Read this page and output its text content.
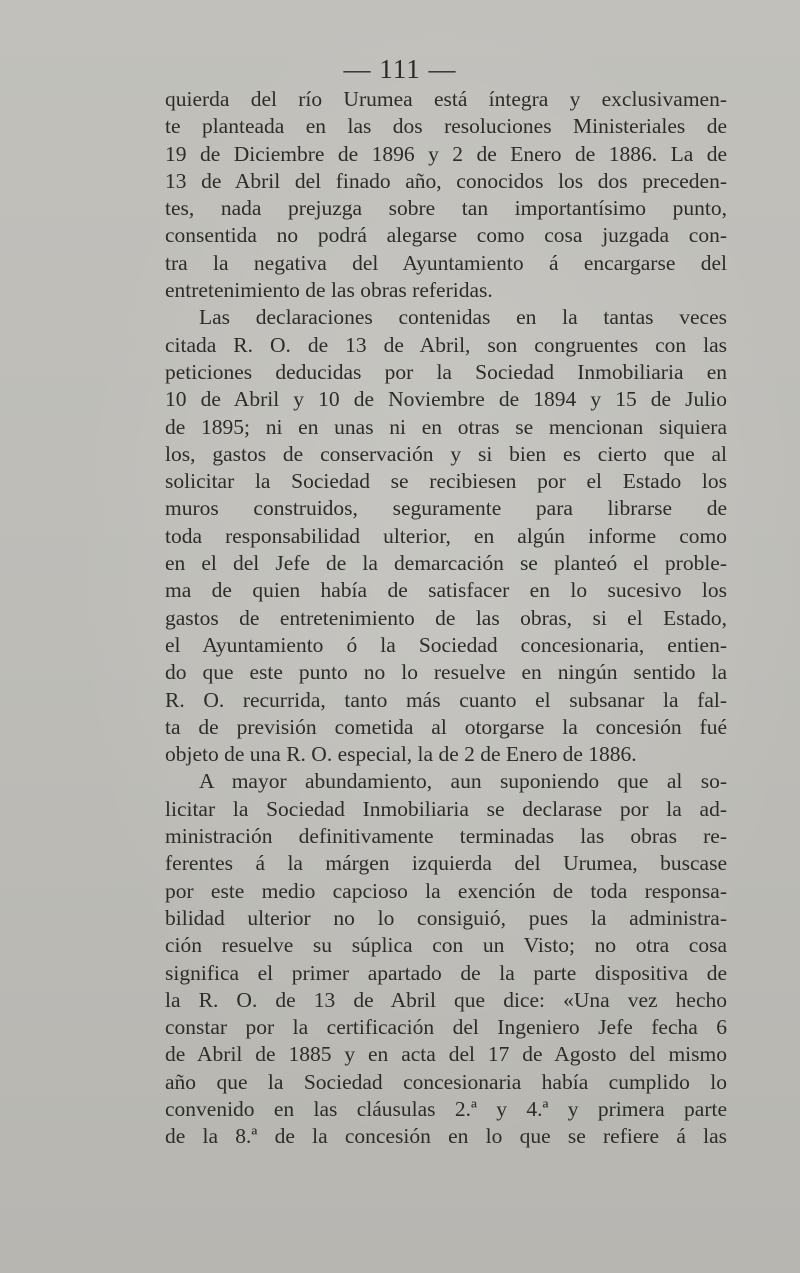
— 111 —
quierda del río Urumea está íntegra y exclusivamen-
te planteada en las dos resoluciones Ministeriales de
19 de Diciembre de 1896 y 2 de Enero de 1886. La de
13 de Abril del finado año, conocidos los dos preceden-
tes, nada prejuzga sobre tan importantísimo punto,
consentida no podrá alegarse como cosa juzgada con-
tra la negativa del Ayuntamiento á encargarse del
entretenimiento de las obras referidas.
Las declaraciones contenidas en la tantas veces
citada R. O. de 13 de Abril, son congruentes con las
peticiones deducidas por la Sociedad Inmobiliaria en
10 de Abril y 10 de Noviembre de 1894 y 15 de Julio
de 1895; ni en unas ni en otras se mencionan siquiera
los, gastos de conservación y si bien es cierto que al
solicitar la Sociedad se recibiesen por el Estado los
muros construidos, seguramente para librarse de
toda responsabilidad ulterior, en algún informe como
en el del Jefe de la demarcación se planteó el proble-
ma de quien había de satisfacer en lo sucesivo los
gastos de entretenimiento de las obras, si el Estado,
el Ayuntamiento ó la Sociedad concesionaria, entien-
do que este punto no lo resuelve en ningún sentido la
R. O. recurrida, tanto más cuanto el subsanar la fal-
ta de previsión cometida al otorgarse la concesión fué
objeto de una R. O. especial, la de 2 de Enero de 1886.
A mayor abundamiento, aun suponiendo que al so-
licitar la Sociedad Inmobiliaria se declarase por la ad-
ministración definitivamente terminadas las obras re-
ferentes á la márgen izquierda del Urumea, buscase
por este medio capcioso la exención de toda responsa-
bilidad ulterior no lo consiguió, pues la administra-
ción resuelve su súplica con un Visto; no otra cosa
significa el primer apartado de la parte dispositiva de
la R. O. de 13 de Abril que dice: «Una vez hecho
constar por la certificación del Ingeniero Jefe fecha 6
de Abril de 1885 y en acta del 17 de Agosto del mismo
año que la Sociedad concesionaria había cumplido lo
convenido en las cláusulas 2.ª y 4.ª y primera parte
de la 8.ª de la concesión en lo que se refiere á las
